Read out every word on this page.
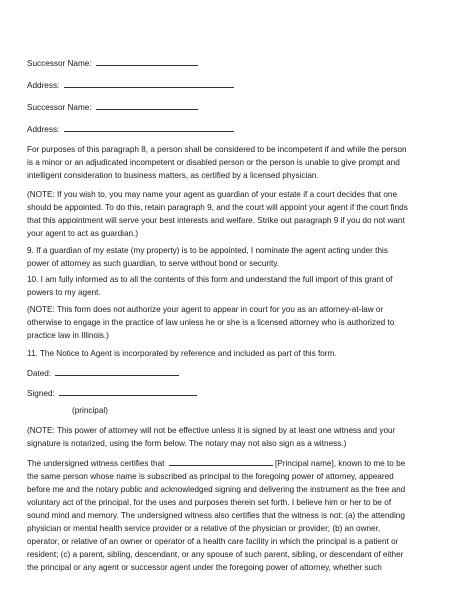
Successor Name:
Address:
Successor Name:
Address:
For purposes of this paragraph 8, a person shall be considered to be incompetent if and while the person
is a minor or an adjudicated incompetent or disabled person or the person is unable to give prompt and
intelligent consideration to business matters, as certified by a licensed physician.
(NOTE: If you wish to, you may name your agent as guardian of your estate if a court decides that one
should be appointed. To do this, retain paragraph 9, and the court will appoint your agent if the court finds
that this appointment will serve your best interests and welfare. Strike out paragraph 9 if you do not want
your agent to act as guardian.)
9. If a guardian of my estate (my property) is to be appointed, I nominate the agent acting under this
power of attorney as such guardian, to serve without bond or security.
10. I am fully informed as to all the contents of this form and understand the full import of this grant of
powers to my agent.
(NOTE: This form does not authorize your agent to appear in court for you as an attorney-at-law or
otherwise to engage in the practice of law unless he or she is a licensed attorney who is authorized to
practice law in Illinois.)
11. The Notice to Agent is incorporated by reference and included as part of this form.
Dated:
Signed:
(principal)
(NOTE: This power of attorney will not be effective unless it is signed by at least one witness and your
signature is notarized, using the form below. The notary may not also sign as a witness.)
The undersigned witness certifies that	[Principal name], known to me to be
the same person whose name is subscribed as principal to the foregoing power of attorney, appeared
before me and the notary public and acknowledged signing and delivering the instrument as the free and
voluntary act of the principal, for the uses and purposes therein set forth. I believe him or her to be of
sound mind and memory. The undersigned witness also certifies that the witness is not: (a) the attending
physician or mental health service provider or a relative of the physician or provider; (b) an owner,
operator, or relative of an owner or operator of a health care facility in which the principal is a patient or
resident; (c) a parent, sibling, descendant, or any spouse of such parent, sibling, or descendant of either
the principal or any agent or successor agent under the foregoing power of attorney, whether such
